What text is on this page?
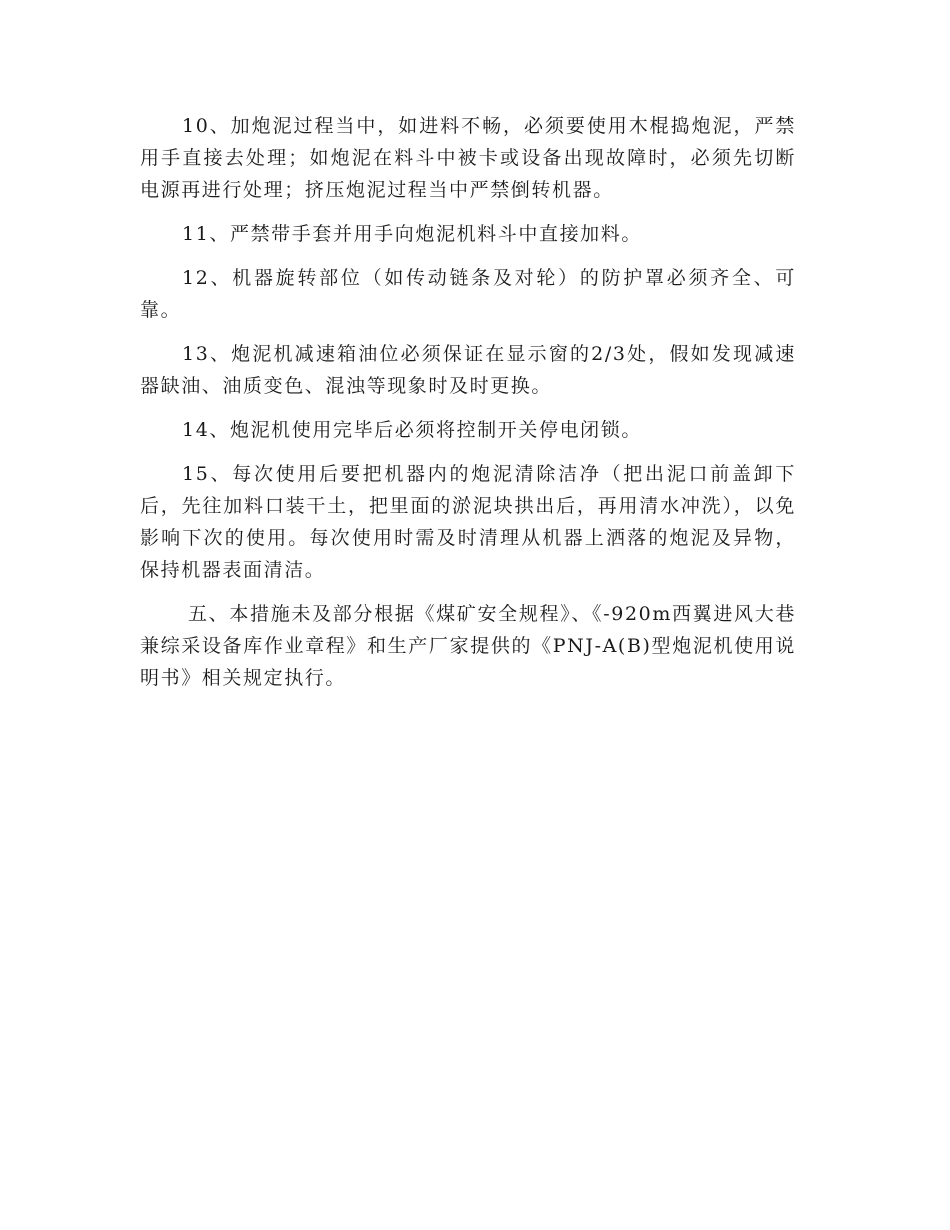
10、加炮泥过程当中，如进料不畅，必须要使用木棍捣炮泥，严禁用手直接去处理；如炮泥在料斗中被卡或设备出现故障时，必须先切断电源再进行处理；挤压炮泥过程当中严禁倒转机器。

11、严禁带手套并用手向炮泥机料斗中直接加料。

12、机器旋转部位（如传动链条及对轮）的防护罩必须齐全、可靠。

13、炮泥机减速箱油位必须保证在显示窗的2/3处，假如发现减速器缺油、油质变色、混浊等现象时及时更换。

14、炮泥机使用完毕后必须将控制开关停电闭锁。

15、每次使用后要把机器内的炮泥清除洁净（把出泥口前盖卸下后，先往加料口装干土，把里面的淤泥块拱出后，再用清水冲洗），以免影响下次的使用。每次使用时需及时清理从机器上洒落的炮泥及异物，保持机器表面清洁。

五、本措施未及部分根据《煤矿安全规程》、《-920m西翼进风大巷兼综采设备库作业章程》和生产厂家提供的《PNJ-A(B)型炮泥机使用说明书》相关规定执行。
